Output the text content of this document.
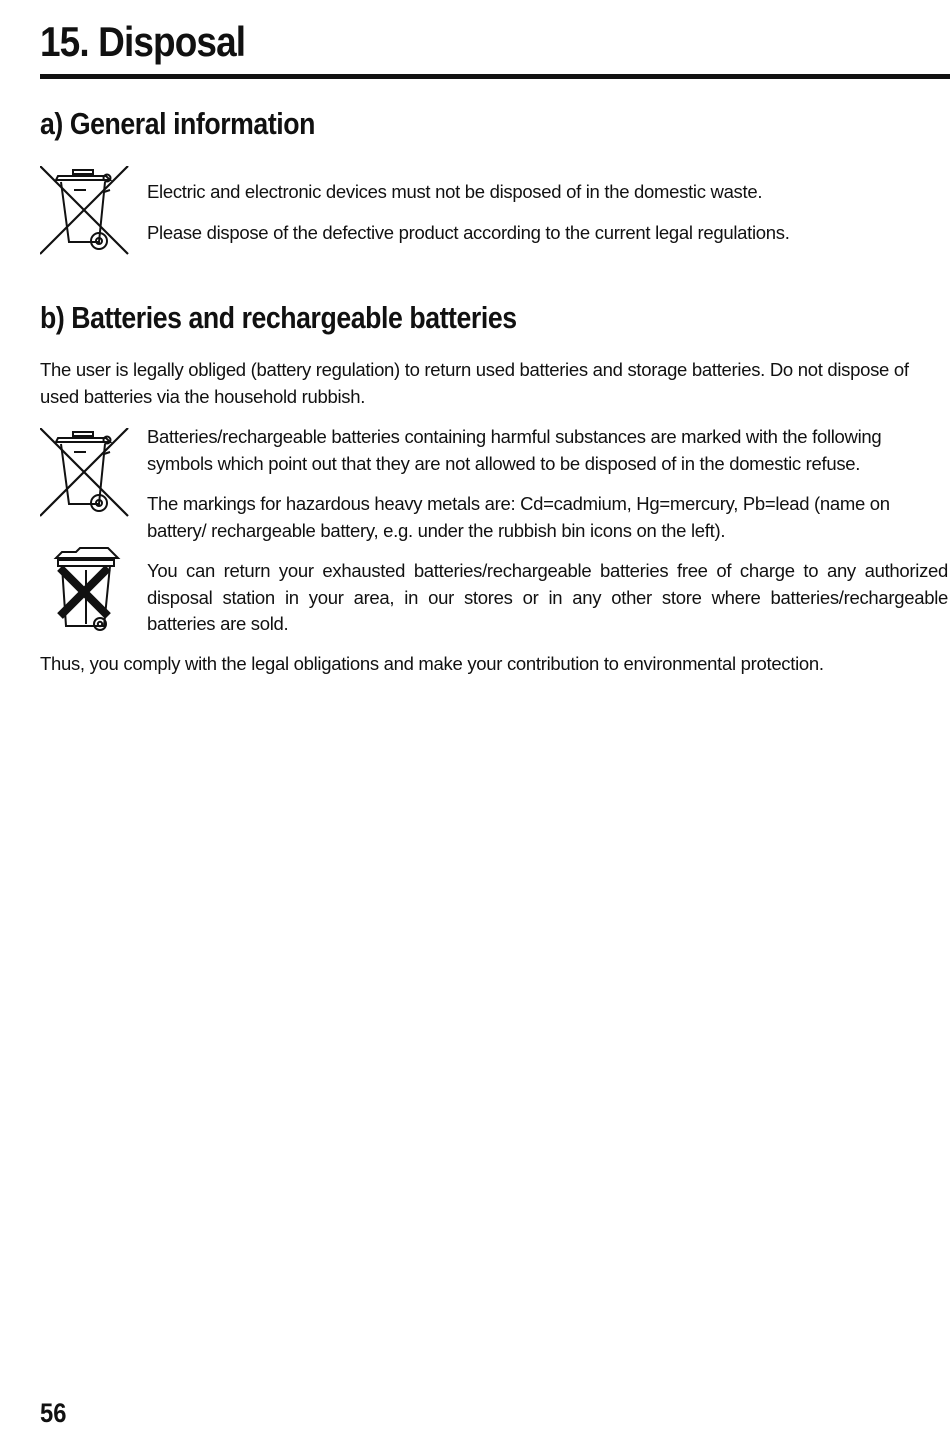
15. Disposal
a) General information

Electric and electronic devices must not be disposed of in the domestic waste.

Please dispose of the defective product according to the current legal regulations.

b) Batteries and rechargeable batteries

The user is legally obliged (battery regulation) to return used batteries and storage batteries. Do not dispose of used batteries via the household rubbish.

Batteries/rechargeable batteries containing harmful substances are marked with the following symbols which point out that they are not allowed to be disposed of in the domestic refuse.

The markings for hazardous heavy metals are: Cd=cadmium, Hg=mercury, Pb=lead (name on battery/ rechargeable battery, e.g. under the rubbish bin icons on the left).

You can return your exhausted batteries/rechargeable batteries free of charge to any authorized disposal station in your area, in our stores or in any other store where batteries/rechargeable batteries are sold.

Thus, you comply with the legal obligations and make your contribution to environmental protection.

56
